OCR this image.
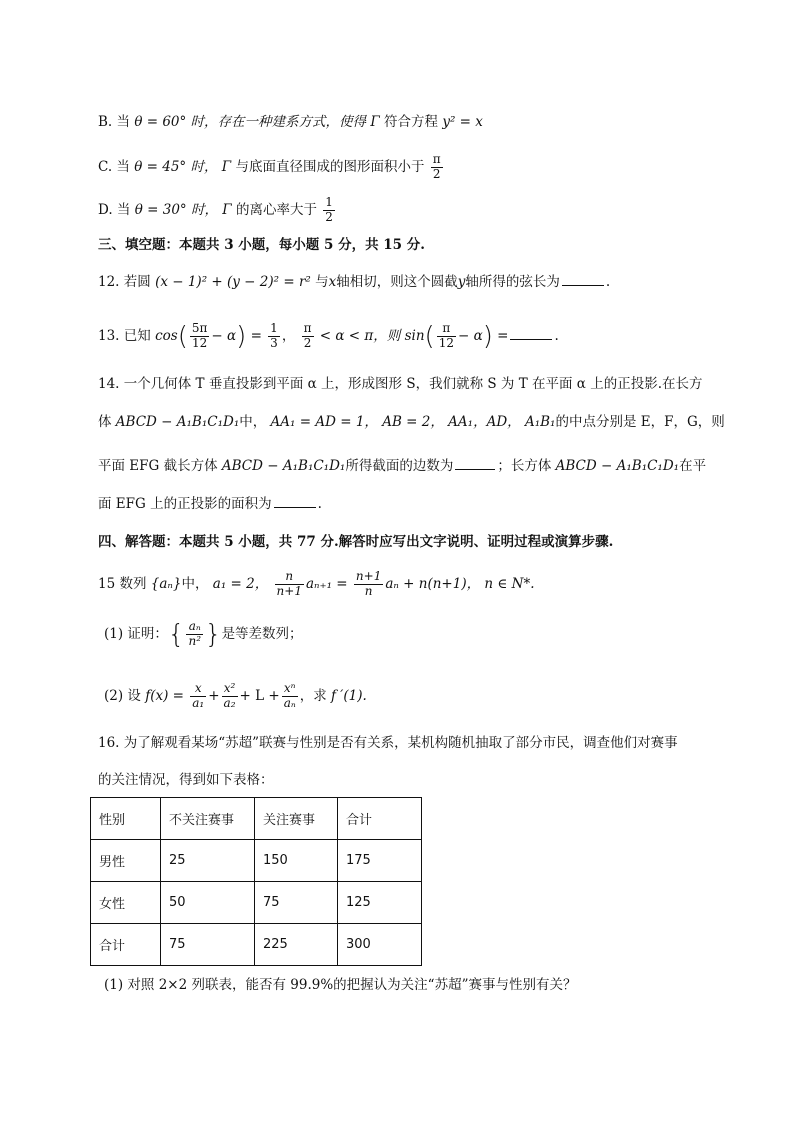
B. 当 θ = 60° 时，存在一种建系方式，使得 Γ 符合方程 y² = x
C. 当 θ = 45° 时， Γ 与底面直径围成的图形面积小于 $\frac{\pi}{2}$
D. 当 θ = 30° 时， Γ 的离心率大于 $\frac{1}{2}$
三、填空题：本题共 3 小题，每小题 5 分，共 15 分.
12. 若圆 (x − 1)² + (y − 2)² = r² 与x轴相切，则这个圆截y轴所得的弦长为	.
13. 已知 $\cos( \frac{5\pi}{12} - \alpha) = \frac{1}{3}$ ， $\frac{\pi}{2} < \alpha < \pi$，则 $\sin( \frac{\pi}{12} - \alpha)$ =	.
14. 一个几何体 T 垂直投影到平面 α 上，形成图形 S，我们就称 S 为 T 在平面 α 上的正投影.在长方
体 ABCD − A₁B₁C₁D₁中， AA₁ = AD = 1， AB = 2， AA₁，AD， A₁B₁的中点分别是 E，F，G，则
平面 EFG 截长方体 ABCD − A₁B₁C₁D₁所得截面的边数为	；长方体 ABCD − A₁B₁C₁D₁在平
面 EFG 上的正投影的面积为	.
四、解答题：本题共 5 小题，共 77 分.解答时应写出文字说明、证明过程或演算步骤.
15 数列 {aₙ}中， a₁ = 2， $\frac{n}{n+1} a_{n+1} = \frac{n+1}{n}$ aₙ + n(n+1)， n ∈ N*.
(1) 证明：{ $\frac{\text{aₙ}}{\text{n²}}$ }是等差数列；
(2) 设 $f(x) = \frac{x}{\text{a₁}} + \frac{\text{x²}}{\text{a₂}} + L + \frac{\text{xⁿ}}{\text{aₙ}}$ ，求 f ′(1).
16. 为了解观看某场“苏超”联赛与性别是否有关系，某机构随机抽取了部分市民，调查他们对赛事
的关注情况，得到如下表格：
性别	不关注赛事	关注赛事	合计
男性	25	150	175
女性	50	75	125
合计	75	225	300
(1) 对照 2×2 列联表，能否有 99.9%的把握认为关注“苏超”赛事与性别有关？
